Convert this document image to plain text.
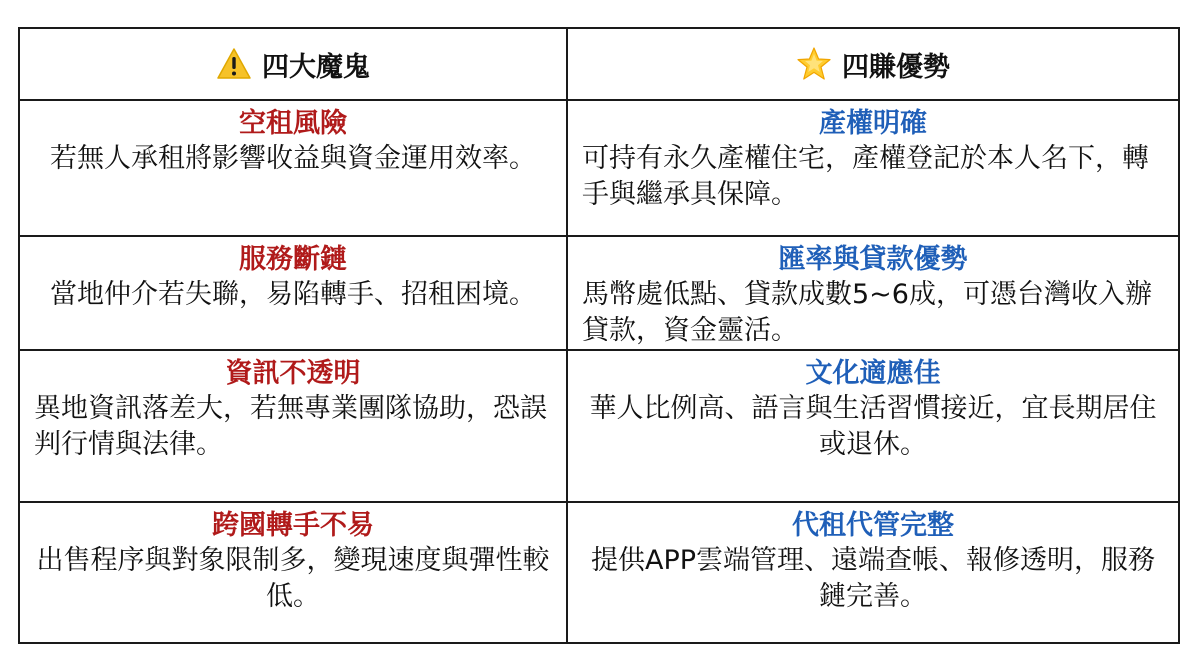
四大魔鬼	四賺優勢
空租風險
若無人承租將影響收益與資金運用效率。
產權明確
可持有永久產權住宅，產權登記於本人名下，轉手與繼承具保障。
服務斷鏈
當地仲介若失聯，易陷轉手、招租困境。
匯率與貸款優勢
馬幣處低點、貸款成數5~6成，可憑台灣收入辦貸款，資金靈活。
資訊不透明
異地資訊落差大，若無專業團隊協助，恐誤判行情與法律。
文化適應佳
華人比例高、語言與生活習慣接近，宜長期居住或退休。
跨國轉手不易
出售程序與對象限制多，變現速度與彈性較低。
代租代管完整
提供APP雲端管理、遠端查帳、報修透明，服務鏈完善。
